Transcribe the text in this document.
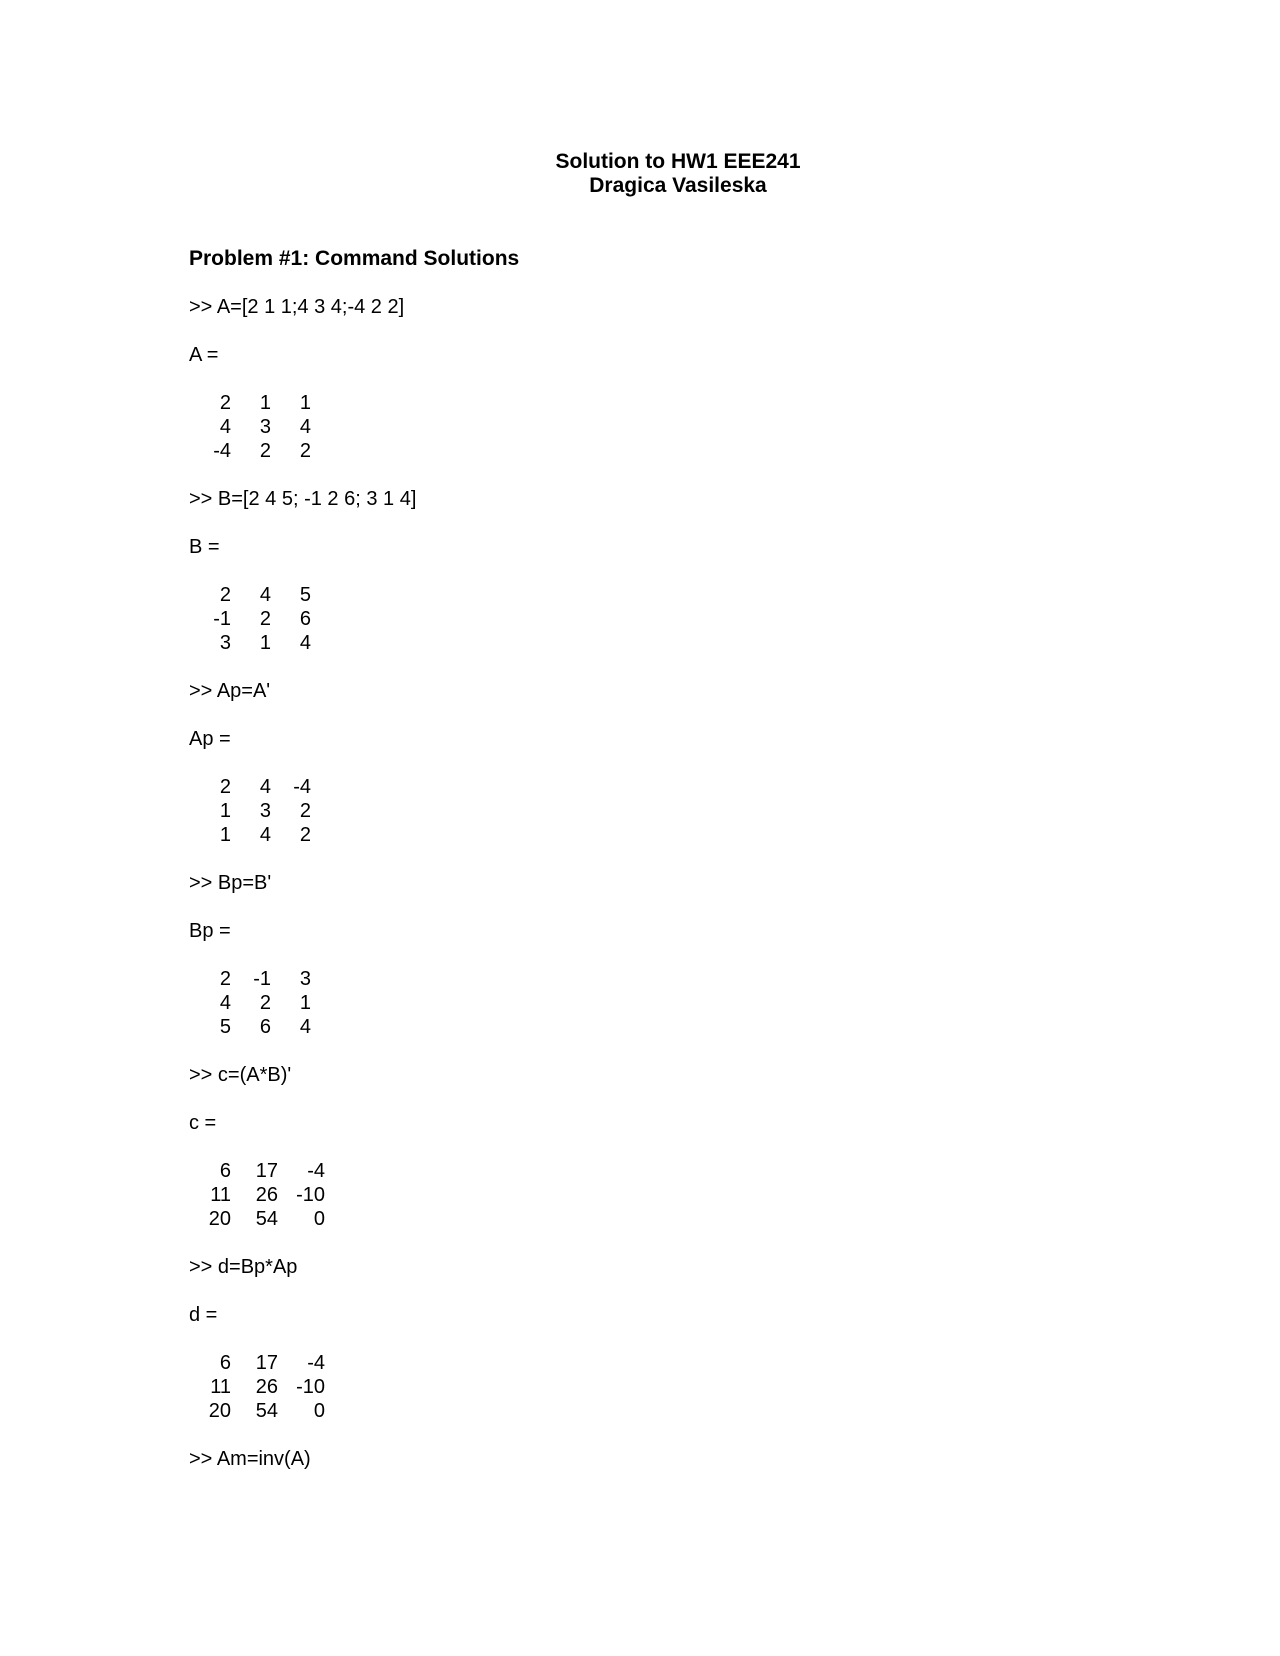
Solution to HW1 EEE241
Dragica Vasileska
Problem #1: Command Solutions
>> A=[2 1 1;4 3 4;-4 2 2]
A =
2	1	1
4	3	4
-4	2	2
>> B=[2 4 5; -1 2 6; 3 1 4]
B =
2	4	5
-1	2	6
3	1	4
>> Ap=A'
Ap =
2	4	-4
1	3	2
1	4	2
>> Bp=B'
Bp =
2	-1	3
4	2	1
5	6	4
>> c=(A*B)'
c =
6	17	-4
11	26 -10
20	54	0
>> d=Bp*Ap
d =
6	17	-4
11	26 -10
20	54	0
>> Am=inv(A)
